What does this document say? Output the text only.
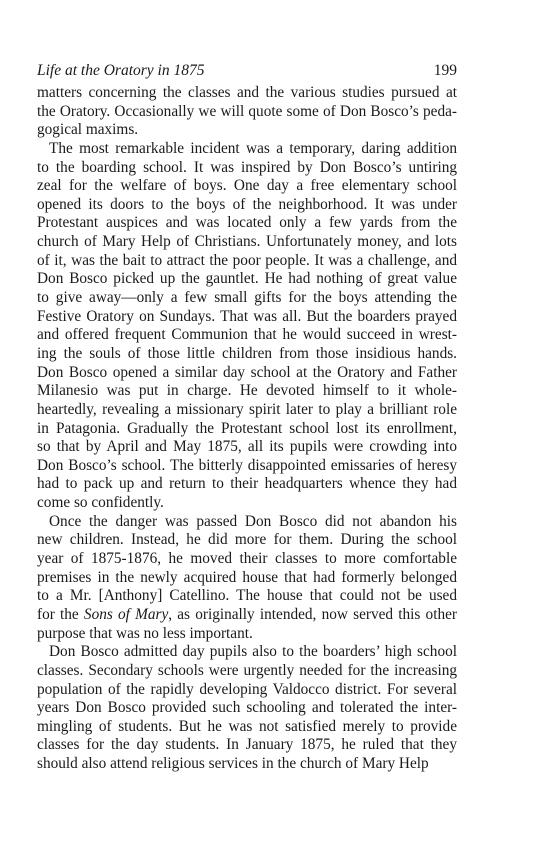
Life at the Oratory in 1875	199
matters concerning the classes and the various studies pursued at
the Oratory. Occasionally we will quote some of Don Bosco’s peda-
gogical maxims.
The most remarkable incident was a temporary, daring addition
to the boarding school. It was inspired by Don Bosco’s untiring
zeal for the welfare of boys. One day a free elementary school
opened its doors to the boys of the neighborhood. It was under
Protestant auspices and was located only a few yards from the
church of Mary Help of Christians. Unfortunately money, and lots
of it, was the bait to attract the poor people. It was a challenge, and
Don Bosco picked up the gauntlet. He had nothing of great value
to give away—only a few small gifts for the boys attending the
Festive Oratory on Sundays. That was all. But the boarders prayed
and offered frequent Communion that he would succeed in wrest-
ing the souls of those little children from those insidious hands.
Don Bosco opened a similar day school at the Oratory and Father
Milanesio was put in charge. He devoted himself to it whole-
heartedly, revealing a missionary spirit later to play a brilliant role
in Patagonia. Gradually the Protestant school lost its enrollment,
so that by April and May 1875, all its pupils were crowding into
Don Bosco’s school. The bitterly disappointed emissaries of heresy
had to pack up and return to their headquarters whence they had
come so confidently.
Once the danger was passed Don Bosco did not abandon his
new children. Instead, he did more for them. During the school
year of 1875-1876, he moved their classes to more comfortable
premises in the newly acquired house that had formerly belonged
to a Mr. [Anthony] Catellino. The house that could not be used
for the Sons of Mary, as originally intended, now served this other
purpose that was no less important.
Don Bosco admitted day pupils also to the boarders’ high school
classes. Secondary schools were urgently needed for the increasing
population of the rapidly developing Valdocco district. For several
years Don Bosco provided such schooling and tolerated the inter-
mingling of students. But he was not satisfied merely to provide
classes for the day students. In January 1875, he ruled that they
should also attend religious services in the church of Mary Help
